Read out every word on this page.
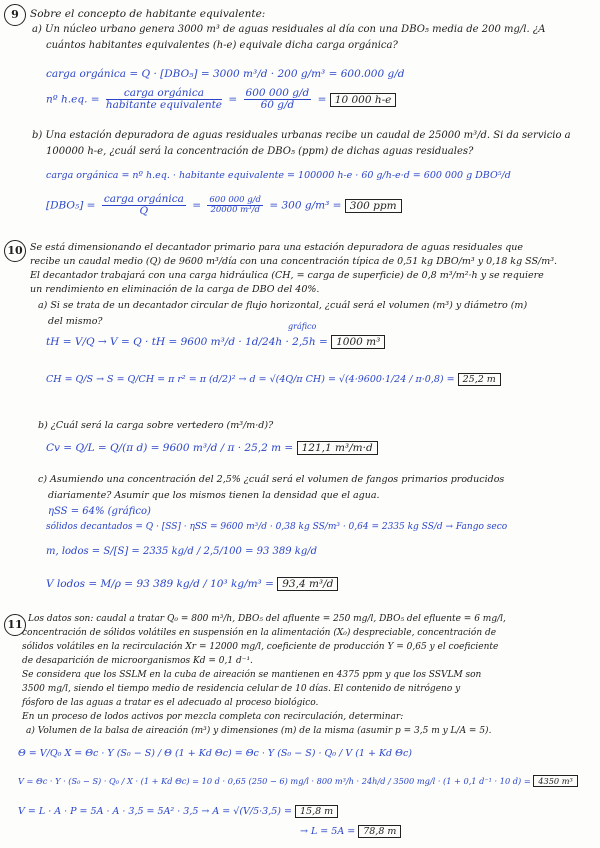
9	Sobre el concepto de habitante equivalente:
a) Un núcleo urbano genera 3000 m³ de aguas residuales al día con una DBO₅ media de 200 mg/l. ¿A
cuántos habitantes equivalentes (h-e) equivale dicha carga orgánica?
carga orgánica = Q · [DBO₅] = 3000 m³/d · 200 g/m³ = 600.000 g/d
nº h.eq. = $\frac{\text{carga orgánica}}{\text{habitante equivalente}} = \frac{600 000 g/d}{60 g/d} = 10$ 000 h-e
b) Una estación depuradora de aguas residuales urbanas recibe un caudal de 25000 m³/d. Si da servicio a
100000 h-e, ¿cuál será la concentración de DBO₅ (ppm) de dichas aguas residuales?
carga orgánica = nº h.eq. · habitante equivalente = 100000 h-e · 60 g/h-e·d = 600 000 g DBO⁵/d
$[DBO_5] = \frac{\text{carga orgánica}}{Q} = \frac{600 000 g/d}{\text{20000 m³/d}} = 300$ g/m³ = 300 ppm
10 Se está dimensionando el decantador primario para una estación depuradora de aguas residuales que
recibe un caudal medio (Q) de 9600 m³/día con una concentración típica de 0,51 kg DBO/m³ y 0,18 kg SS/m³.
El decantador trabajará con una carga hidráulica (CH, = carga de superficie) de 0,8 m³/m²·h y se requiere
un rendimiento en eliminación de la carga de DBO del 40%.
a) Si se trata de un decantador circular de flujo horizontal, ¿cuál será el volumen (m³) y diámetro (m)
del mismo?	gráfico
tH = V/Q → V = Q · tH = 9600 m³/d · 1d/24h · 2,5h = 1000 m³
CH = Q/S → S = Q/CH = π r² = π (d/2)² → d = √(4Q/π CH) = √(4·9600·1/24 / π·0,8) = 25,2 m
b) ¿Cuál será la carga sobre vertedero (m³/m·d)?
Cv = Q/L = Q/(π d) = 9600 m³/d / π · 25,2 m = 121,1 m³/m·d
c) Asumiendo una concentración del 2,5% ¿cuál será el volumen de fangos primarios producidos
diariamente? Asumir que los mismos tienen la densidad que el agua.
ηSS = 64% (gráfico)
sólidos decantados = Q · [SS] · ηSS = 9600 m³/d · 0,38 kg SS/m³ · 0,64 = 2335 kg SS/d → Fango seco
m, lodos = S/[S] = 2335 kg/d / 2,5/100 = 93 389 kg/d
V lodos = M/ρ = 93 389 kg/d / 10³ kg/m³ = 93,4 m³/d
11 Los datos son: caudal a tratar Q₀ = 800 m³/h, DBO₅ del afluente = 250 mg/l, DBO₅ del efluente = 6 mg/l,
concentración de sólidos volátiles en suspensión en la alimentación (X₀) despreciable, concentración de
sólidos volátiles en la recirculación Xr = 12000 mg/l, coeficiente de producción Y = 0,65 y el coeficiente
de desaparición de microorganismos Kd = 0,1 d⁻¹.
Se considera que los SSLM en la cuba de aireación se mantienen en 4375 ppm y que los SSVLM son
3500 mg/l, siendo el tiempo medio de residencia celular de 10 días. El contenido de nitrógeno y
fósforo de las aguas a tratar es el adecuado al proceso biológico.
En un proceso de lodos activos por mezcla completa con recirculación, determinar:
a) Volumen de la balsa de aireación (m³) y dimensiones (m) de la misma (asumir p = 3,5 m y L/A = 5).
Θ = V/Q₀ X = Θc · Y (S₀ − S) / Θ (1 + Kd Θc) = Θc · Y (S₀ − S) · Q₀ / V (1 + Kd Θc)
V = Θc · Y · (S₀ − S) · Q₀ / X · (1 + Kd Θc) = 10 d · 0,65 (250 − 6) mg/l · 800 m³/h · 24h/d / 3500 mg/l · (1 + 0,1 d⁻¹ · 10 d) = 4350 m³
V = L · A · P = 5A · A · 3,5 = 5A² · 3,5 → A = √(V/5·3,5) = 15,8 m
→ L = 5A = 78,8 m
